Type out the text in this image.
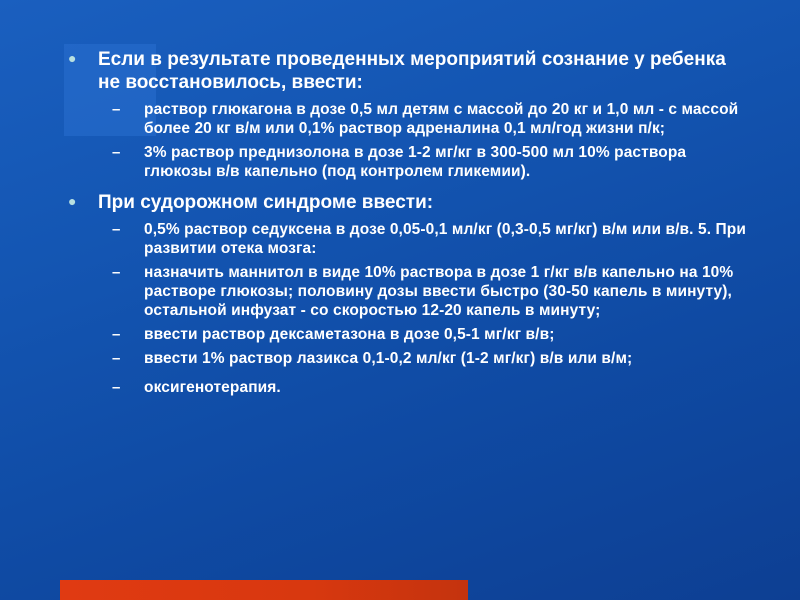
●	Если в результате проведенных мероприятий сознание у ребенка не восстановилось, ввести:
–	раствор глюкагона в дозе 0,5 мл детям с массой до 20 кг и 1,0 мл - с массой более 20 кг в/м или 0,1% раствор адреналина 0,1 мл/год жизни п/к;
–	3% раствор преднизолона в дозе 1-2 мг/кг в 300-500 мл 10% раствора глюкозы в/в капельно (под контролем гликемии).
●	При судорожном синдроме ввести:
–	0,5% раствор седуксена в дозе 0,05-0,1 мл/кг (0,3-0,5 мг/кг) в/м или в/в. 5. При развитии отека мозга:
–	назначить маннитол в виде 10% раствора в дозе 1 г/кг в/в капельно на 10% растворе глюкозы; половину дозы ввести быстро (30-50 капель в минуту), остальной инфузат - со скоростью 12-20 капель в минуту;
–	ввести раствор дексаметазона в дозе 0,5-1 мг/кг в/в;
–	ввести 1% раствор лазикса 0,1-0,2 мл/кг (1-2 мг/кг) в/в или в/м;
–	оксигенотерапия.
